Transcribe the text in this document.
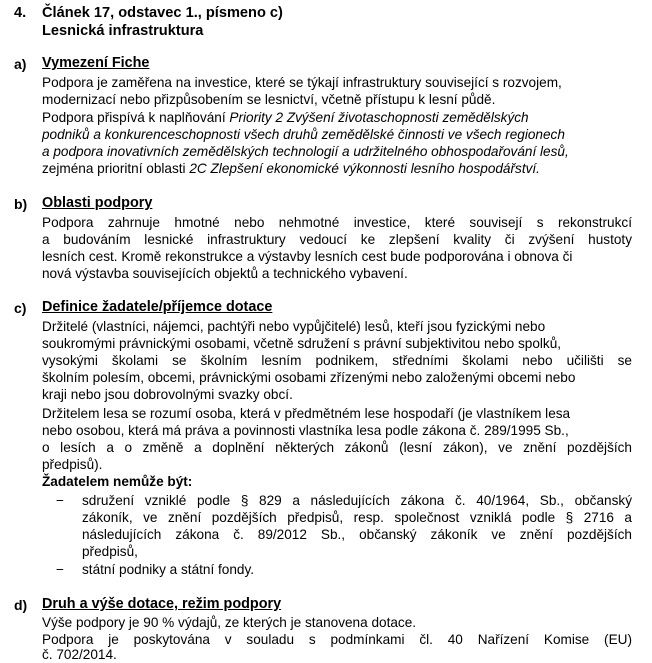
4. Článek 17, odstavec 1., písmeno c)
Lesnická infrastruktura
a) Vymezení Fiche
Podpora je zaměřena na investice, které se týkají infrastruktury související s rozvojem,
modernizací nebo přizpůsobením se lesnictví, včetně přístupu k lesní půdě.
Podpora přispívá k naplňování Priority 2 Zvýšení životaschopnosti zemědělských
podniků a konkurenceschopnosti všech druhů zemědělské činnosti ve všech regionech
a podpora inovativních zemědělských technologií a udržitelného obhospodařování lesů,
zejména prioritní oblasti 2C Zlepšení ekonomické výkonnosti lesního hospodářství.
b) Oblasti podpory
Podpora zahrnuje hmotné nebo nehmotné investice, které souvisejí s rekonstrukcí
a budováním lesnické infrastruktury vedoucí ke zlepšení kvality či zvýšení hustoty
lesních cest. Kromě rekonstrukce a výstavby lesních cest bude podporována i obnova či
nová výstavba souvisejících objektů a technického vybavení.
c) Definice žadatele/příjemce dotace
Držitelé (vlastníci, nájemci, pachtýři nebo vypůjčitelé) lesů, kteří jsou fyzickými nebo
soukromými právnickými osobami, včetně sdružení s právní subjektivitou nebo spolků,
vysokými školami se školním lesním podnikem, středními školami nebo učilišti se
školním polesím, obcemi, právnickými osobami zřízenými nebo založenými obcemi nebo
kraji nebo jsou dobrovolnými svazky obcí.
Držitelem lesa se rozumí osoba, která v předmětném lese hospodaří (je vlastníkem lesa
nebo osobou, která má práva a povinnosti vlastníka lesa podle zákona č. 289/1995 Sb.,
o lesích a o změně a doplnění některých zákonů (lesní zákon), ve znění pozdějších
předpisů).
Žadatelem nemůže být:
− sdružení vzniklé podle § 829 a následujících zákona č. 40/1964, Sb., občanský
zákoník, ve znění pozdějších předpisů, resp. společnost vzniklá podle § 2716 a
následujících zákona č. 89/2012 Sb., občanský zákoník ve znění pozdějších
předpisů,
− státní podniky a státní fondy.
d) Druh a výše dotace, režim podpory
Výše podpory je 90 % výdajů, ze kterých je stanovena dotace.
Podpora je poskytována v souladu s podmínkami čl. 40 Nařízení Komise (EU)
č. 702/2014.
